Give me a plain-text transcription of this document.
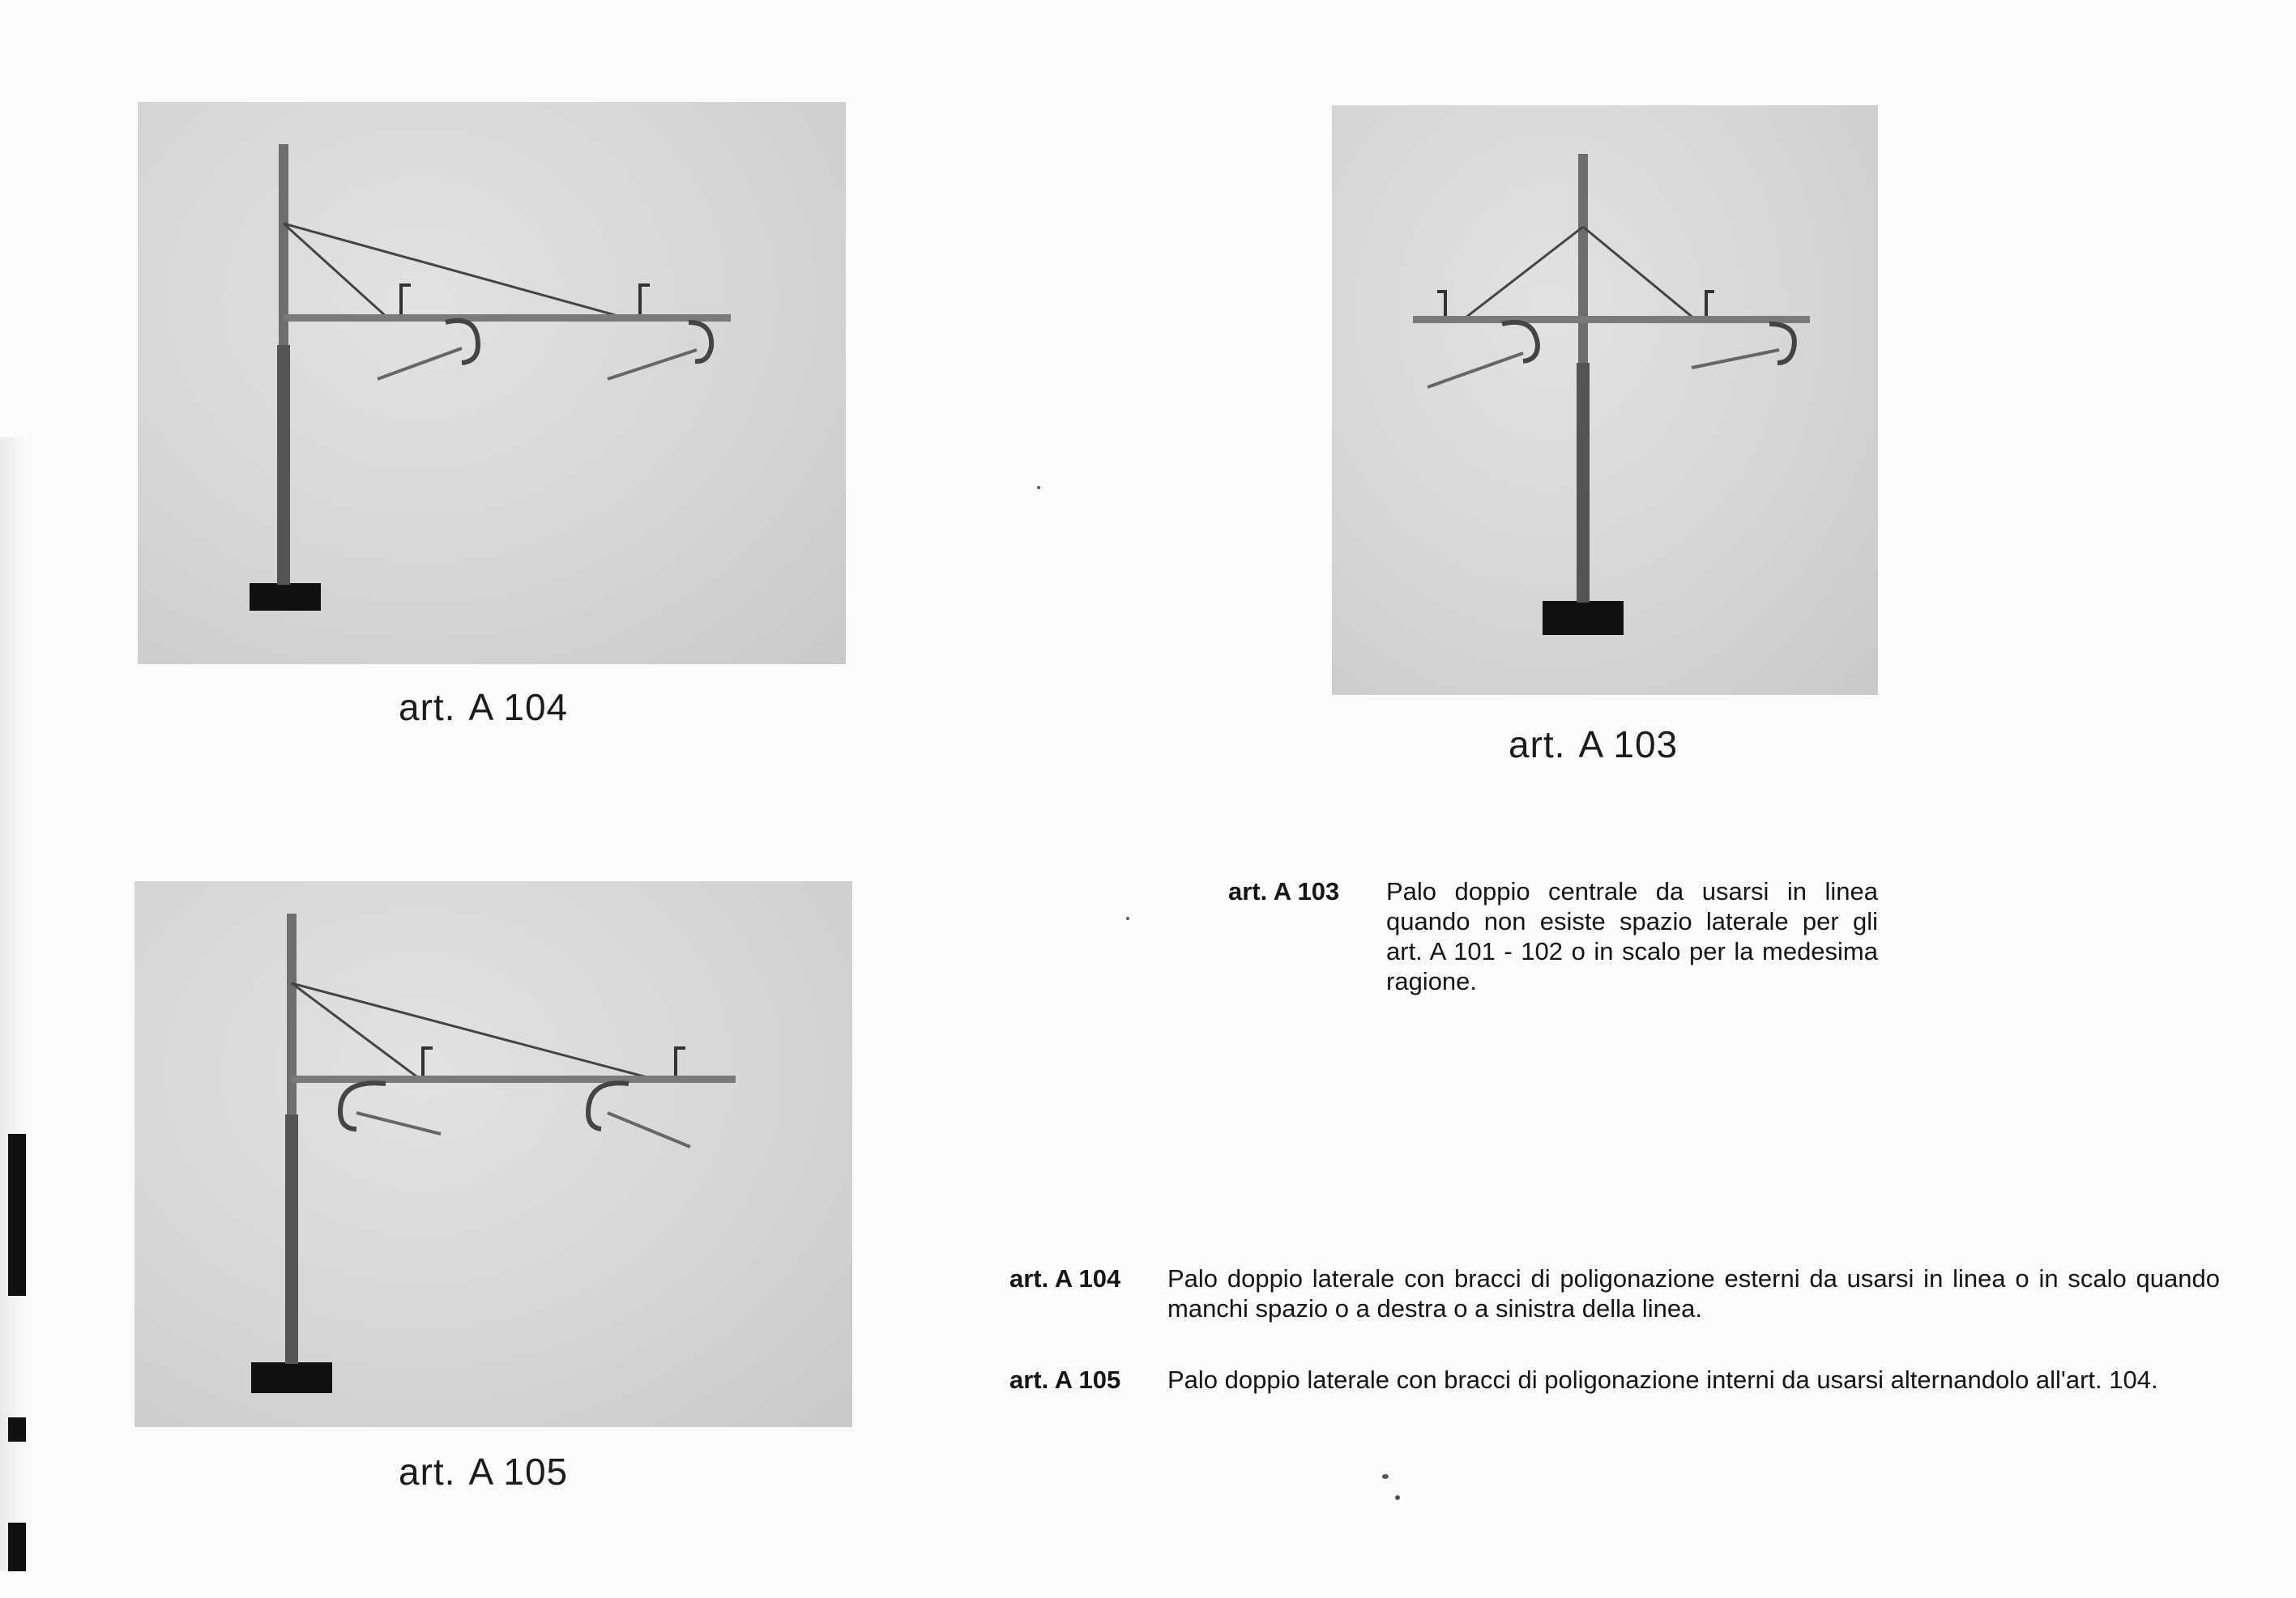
art. A 104
art. A 103
art. A 105
art. A 103 Palo doppio centrale da usarsi in linea quando non esiste spazio laterale per gli art. A 101 - 102 o in scalo per la medesima ragione.
art. A 104 Palo doppio laterale con bracci di poligonazione esterni da usarsi in linea o in scalo quando manchi spazio o a destra o a sinistra della linea.
art. A 105 Palo doppio laterale con bracci di poligonazione interni da usarsi alternandolo all'art. 104.
